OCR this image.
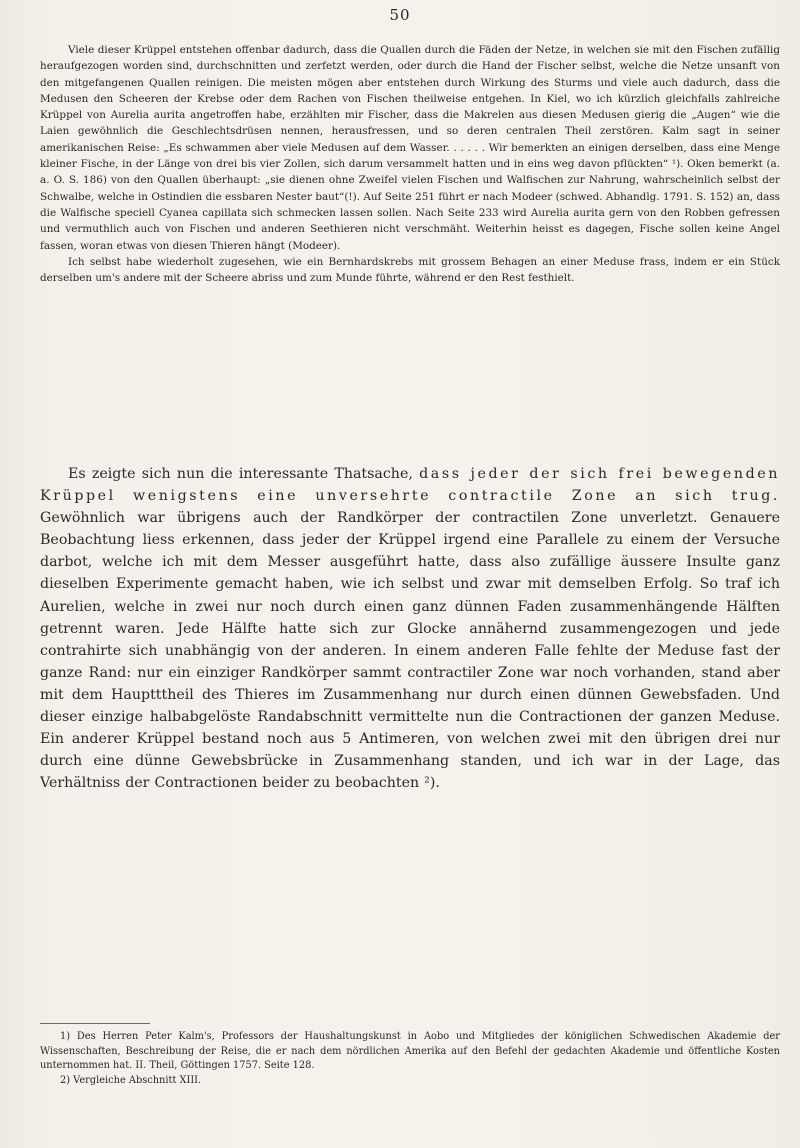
50

Viele dieser Krüppel entstehen offenbar dadurch, dass die Quallen durch die Fäden der Netze, in welchen sie mit den Fischen zufällig heraufgezogen worden sind, durchschnitten und zerfetzt werden, oder durch die Hand der Fischer selbst, welche die Netze unsanft von den mitgefangenen Quallen reinigen. Die meisten mögen aber entstehen durch Wirkung des Sturms und viele auch dadurch, dass die Medusen den Scheeren der Krebse oder dem Rachen von Fischen theilweise entgehen. In Kiel, wo ich kürzlich gleichfalls zahlreiche Krüppel von Aurelia aurita angetroffen habe, erzählten mir Fischer, dass die Makrelen aus diesen Medusen gierig die „Augen“ wie die Laien gewöhnlich die Geschlechtsdrüsen nennen, herausfressen, und so deren centralen Theil zerstören. Kalm sagt in seiner amerikanischen Reise: „Es schwammen aber viele Medusen auf dem Wasser. . . . . . Wir bemerkten an einigen derselben, dass eine Menge kleiner Fische, in der Länge von drei bis vier Zollen, sich darum versammelt hatten und in eins weg davon pflückten“ ¹). Oken bemerkt (a. a. O. S. 186) von den Quallen überhaupt: „sie dienen ohne Zweifel vielen Fischen und Walfischen zur Nahrung, wahrscheinlich selbst der Schwalbe, welche in Ostindien die essbaren Nester baut“(!). Auf Seite 251 führt er nach Modeer (schwed. Abhandlg. 1791. S. 152) an, dass die Walfische speciell Cyanea capillata sich schmecken lassen sollen. Nach Seite 233 wird Aurelia aurita gern von den Robben gefressen und vermuthlich auch von Fischen und anderen Seethieren nicht verschmäht. Weiterhin heisst es dagegen, Fische sollen keine Angel fassen, woran etwas von diesen Thieren hängt (Modeer).

Ich selbst habe wiederholt zugesehen, wie ein Bernhardskrebs mit grossem Behagen an einer Meduse frass, indem er ein Stück derselben um's andere mit der Scheere abriss und zum Munde führte, während er den Rest festhielt.

Es zeigte sich nun die interessante Thatsache, dass jeder der sich frei bewegenden Krüppel wenigstens eine unversehrte contractile Zone an sich trug. Gewöhnlich war übrigens auch der Randkörper der contractilen Zone unverletzt. Genauere Beobachtung liess erkennen, dass jeder der Krüppel irgend eine Parallele zu einem der Versuche darbot, welche ich mit dem Messer ausgeführt hatte, dass also zufällige äussere Insulte ganz dieselben Experimente gemacht haben, wie ich selbst und zwar mit demselben Erfolg. So traf ich Aurelien, welche in zwei nur noch durch einen ganz dünnen Faden zusammenhängende Hälften getrennt waren. Jede Hälfte hatte sich zur Glocke annähernd zusammengezogen und jede contrahirte sich unabhängig von der anderen. In einem anderen Falle fehlte der Meduse fast der ganze Rand: nur ein einziger Randkörper sammt contractiler Zone war noch vorhanden, stand aber mit dem Hauptttheil des Thieres im Zusammenhang nur durch einen dünnen Gewebsfaden. Und dieser einzige halbabgelöste Randabschnitt vermittelte nun die Contractionen der ganzen Meduse. Ein anderer Krüppel bestand noch aus 5 Antimeren, von welchen zwei mit den übrigen drei nur durch eine dünne Gewebsbrücke in Zusammenhang standen, und ich war in der Lage, das Verhältniss der Contractionen beider zu beobachten ²).

1) Des Herren Peter Kalm's, Professors der Haushaltungskunst in Aobo und Mitgliedes der königlichen Schwedischen Akademie der Wissenschaften, Beschreibung der Reise, die er nach dem nördlichen Amerika auf den Befehl der gedachten Akademie und öffentliche Kosten unternommen hat. II. Theil, Göttingen 1757. Seite 128.

2) Vergleiche Abschnitt XIII.
